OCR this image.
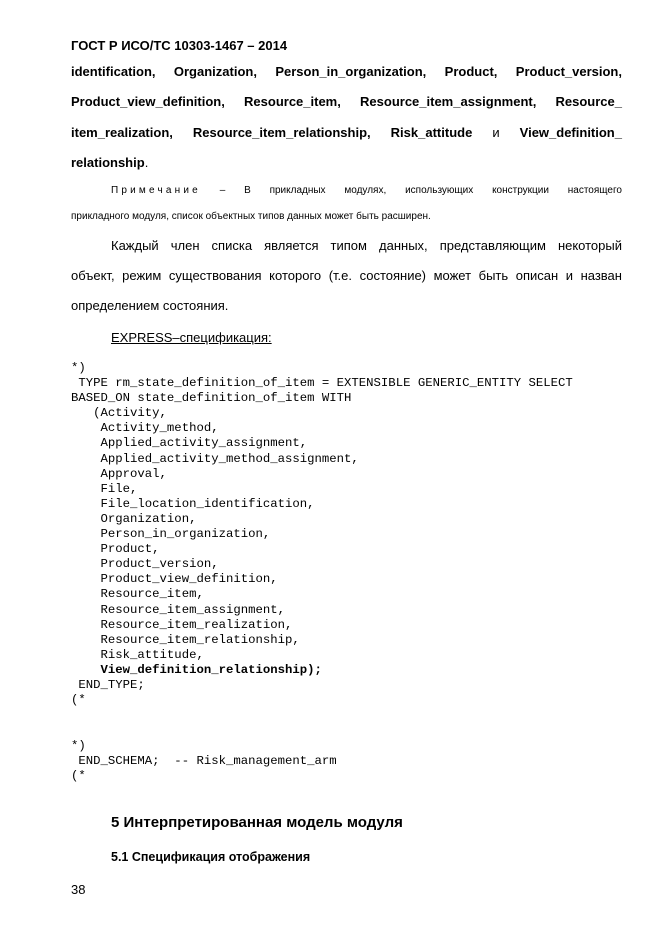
ГОСТ Р ИСО/ТС 10303-1467 – 2014
identification, Organization, Person_in_organization, Product, Product_version,
Product_view_definition, Resource_item, Resource_item_assignment, Resource_
item_realization, Resource_item_relationship, Risk_attitude и View_definition_
relationship.
Примечание – В прикладных модулях, использующих конструкции настоящего
прикладного модуля, список объектных типов данных может быть расширен.
Каждый член списка является типом данных, представляющим некоторый
объект, режим существования которого (т.е. состояние) может быть описан и назван
определением состояния.
EXPRESS–спецификация:
*)
TYPE rm_state_definition_of_item = EXTENSIBLE GENERIC_ENTITY SELECT
BASED_ON state_definition_of_item WITH
(Activity,
Activity_method,
Applied_activity_assignment,
Applied_activity_method_assignment,
Approval,
File,
File_location_identification,
Organization,
Person_in_organization,
Product,
Product_version,
Product_view_definition,
Resource_item,
Resource_item_assignment,
Resource_item_realization,
Resource_item_relationship,
Risk_attitude,
View_definition_relationship);
END_TYPE;
(*
*)
END_SCHEMA;  -- Risk_management_arm
(*
5 Интерпретированная модель модуля
5.1 Спецификация отображения
38
